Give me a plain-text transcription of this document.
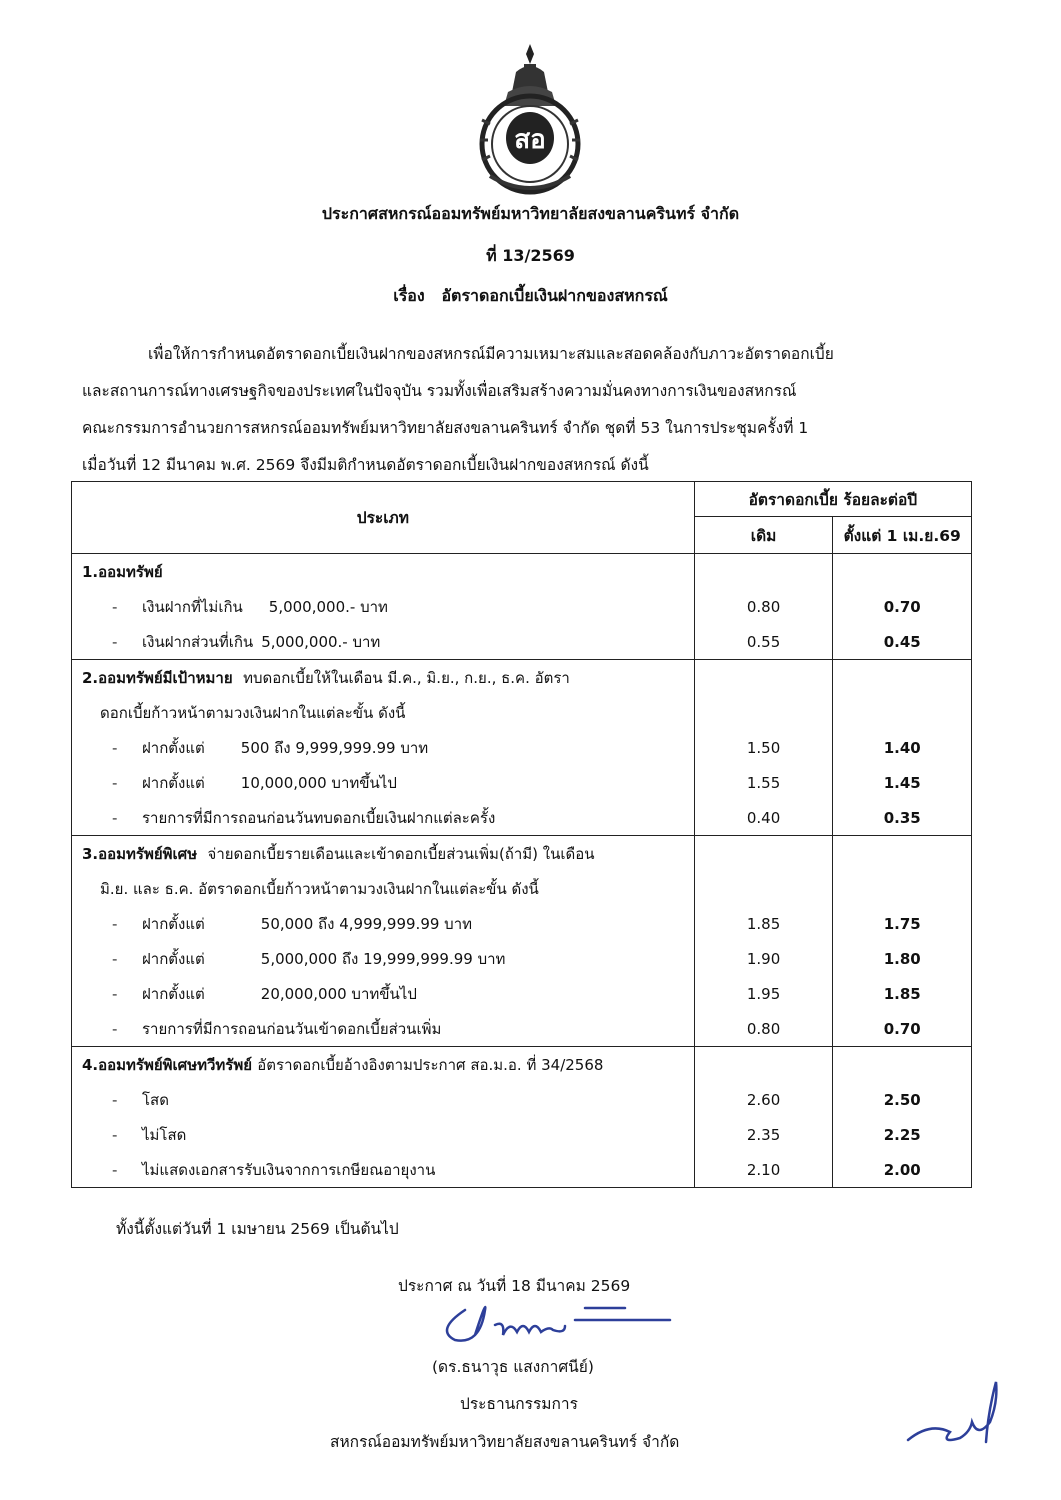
สอ
ประกาศสหกรณ์ออมทรัพย์มหาวิทยาลัยสงขลานครินทร์ จำกัด
ที่ 13/2569
เรื่อง อัตราดอกเบี้ยเงินฝากของสหกรณ์
เพื่อให้การกำหนดอัตราดอกเบี้ยเงินฝากของสหกรณ์มีความเหมาะสมและสอดคล้องกับภาวะอัตราดอกเบี้ย
และสถานการณ์ทางเศรษฐกิจของประเทศในปัจจุบัน รวมทั้งเพื่อเสริมสร้างความมั่นคงทางการเงินของสหกรณ์
คณะกรรมการอำนวยการสหกรณ์ออมทรัพย์มหาวิทยาลัยสงขลานครินทร์ จำกัด ชุดที่ 53 ในการประชุมครั้งที่ 1
เมื่อวันที่ 12 มีนาคม พ.ศ. 2569 จึงมีมติกำหนดอัตราดอกเบี้ยเงินฝากของสหกรณ์ ดังนี้
ประเภท	อัตราดอกเบี้ย ร้อยละต่อปี	
	เดิม	ตั้งแต่ 1 เม.ย.69
1.ออมทรัพย์		
- เงินฝากที่ไม่เกิน 5,000,000.- บาท	0.80	0.70
- เงินฝากส่วนที่เกิน 5,000,000.- บาท	0.55	0.45
2.ออมทรัพย์มีเป้าหมาย ทบดอกเบี้ยให้ในเดือน มี.ค., มิ.ย., ก.ย., ธ.ค. อัตรา		
ดอกเบี้ยก้าวหน้าตามวงเงินฝากในแต่ละขั้น ดังนี้		
- ฝากตั้งแต่ 500 ถึง 9,999,999.99 บาท	1.50	1.40
- ฝากตั้งแต่ 10,000,000 บาทขึ้นไป	1.55	1.45
- รายการที่มีการถอนก่อนวันทบดอกเบี้ยเงินฝากแต่ละครั้ง	0.40	0.35
3.ออมทรัพย์พิเศษ จ่ายดอกเบี้ยรายเดือนและเข้าดอกเบี้ยส่วนเพิ่ม(ถ้ามี) ในเดือน		
มิ.ย. และ ธ.ค. อัตราดอกเบี้ยก้าวหน้าตามวงเงินฝากในแต่ละขั้น ดังนี้		
- ฝากตั้งแต่ 50,000 ถึง 4,999,999.99 บาท	1.85	1.75
- ฝากตั้งแต่ 5,000,000 ถึง 19,999,999.99 บาท	1.90	1.80
- ฝากตั้งแต่ 20,000,000 บาทขึ้นไป	1.95	1.85
- รายการที่มีการถอนก่อนวันเข้าดอกเบี้ยส่วนเพิ่ม	0.80	0.70
4.ออมทรัพย์พิเศษทวีทรัพย์ อัตราดอกเบี้ยอ้างอิงตามประกาศ สอ.ม.อ. ที่ 34/2568		
- โสด	2.60	2.50
- ไม่โสด	2.35	2.25
- ไม่แสดงเอกสารรับเงินจากการเกษียณอายุงาน	2.10	2.00
ทั้งนี้ตั้งแต่วันที่ 1 เมษายน 2569 เป็นต้นไป
ประกาศ ณ วันที่ 18 มีนาคม 2569
(ดร.ธนาวุธ แสงกาศนีย์)
ประธานกรรมการ
สหกรณ์ออมทรัพย์มหาวิทยาลัยสงขลานครินทร์ จำกัด
